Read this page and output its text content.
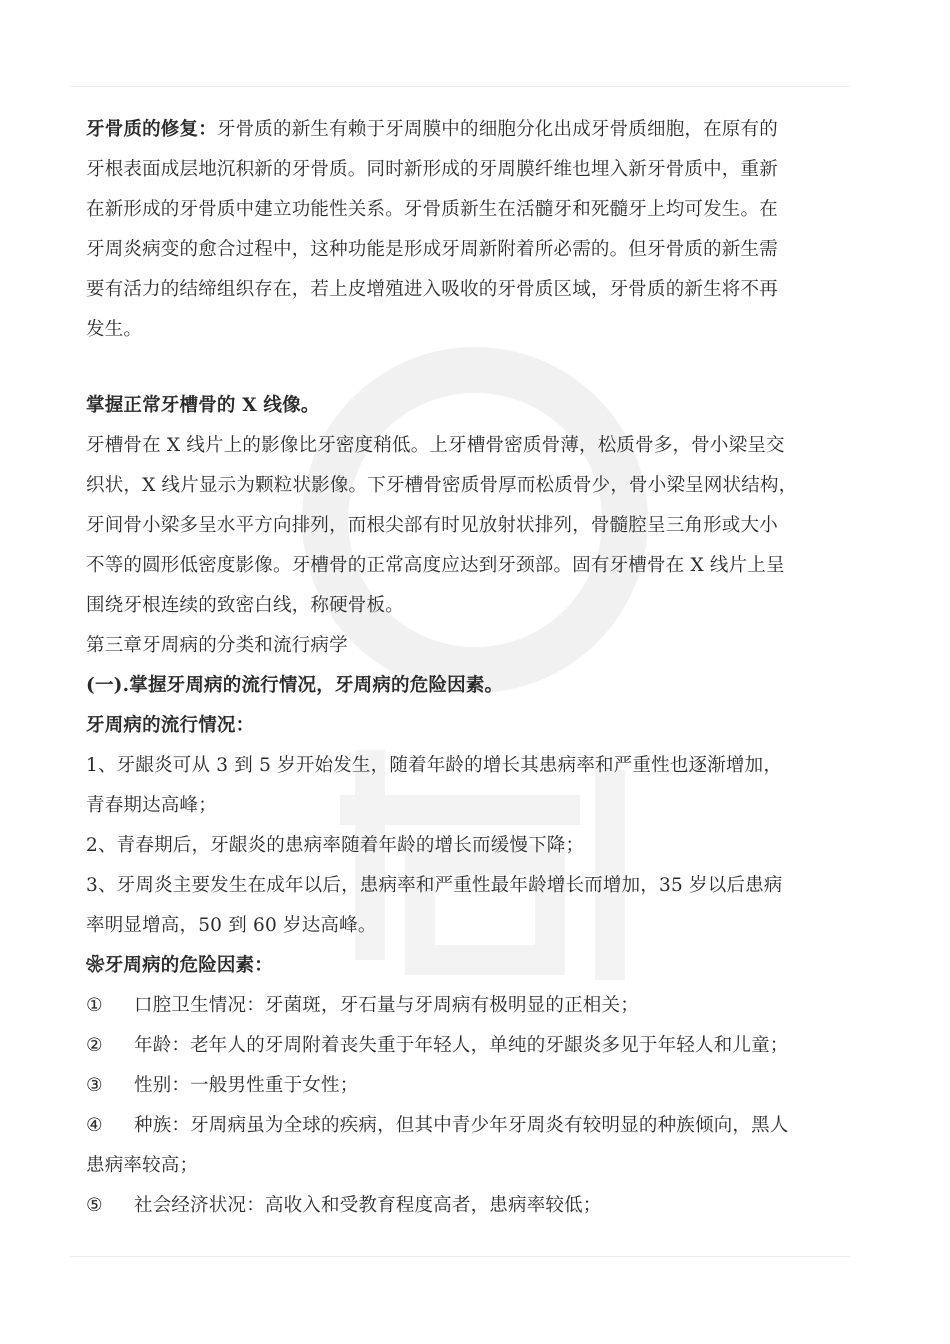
牙骨质的修复：牙骨质的新生有赖于牙周膜中的细胞分化出成牙骨质细胞，在原有的

牙根表面成层地沉积新的牙骨质。同时新形成的牙周膜纤维也埋入新牙骨质中，重新

在新形成的牙骨质中建立功能性关系。牙骨质新生在活髓牙和死髓牙上均可发生。在

牙周炎病变的愈合过程中，这种功能是形成牙周新附着所必需的。但牙骨质的新生需

要有活力的结缔组织存在，若上皮增殖进入吸收的牙骨质区域，牙骨质的新生将不再

发生。

掌握正常牙槽骨的 X 线像。

牙槽骨在 X 线片上的影像比牙密度稍低。上牙槽骨密质骨薄，松质骨多，骨小梁呈交

织状，X 线片显示为颗粒状影像。下牙槽骨密质骨厚而松质骨少，骨小梁呈网状结构，

牙间骨小梁多呈水平方向排列，而根尖部有时见放射状排列，骨髓腔呈三角形或大小

不等的圆形低密度影像。牙槽骨的正常高度应达到牙颈部。固有牙槽骨在 X 线片上呈

围绕牙根连续的致密白线，称硬骨板。

第三章牙周病的分类和流行病学

(一).掌握牙周病的流行情况，牙周病的危险因素。

牙周病的流行情况：

1、牙龈炎可从 3 到 5 岁开始发生，随着年龄的增长其患病率和严重性也逐渐增加，

青春期达高峰；

2、青春期后，牙龈炎的患病率随着年龄的增长而缓慢下降；

3、牙周炎主要发生在成年以后，患病率和严重性最年龄增长而增加，35 岁以后患病

率明显增高，50 到 60 岁达高峰。

❀牙周病的危险因素：

① 口腔卫生情况：牙菌斑，牙石量与牙周病有极明显的正相关；

② 年龄：老年人的牙周附着丧失重于年轻人，单纯的牙龈炎多见于年轻人和儿童；

③ 性别：一般男性重于女性；

④ 种族：牙周病虽为全球的疾病，但其中青少年牙周炎有较明显的种族倾向，黑人

患病率较高；

⑤ 社会经济状况：高收入和受教育程度高者，患病率较低；
